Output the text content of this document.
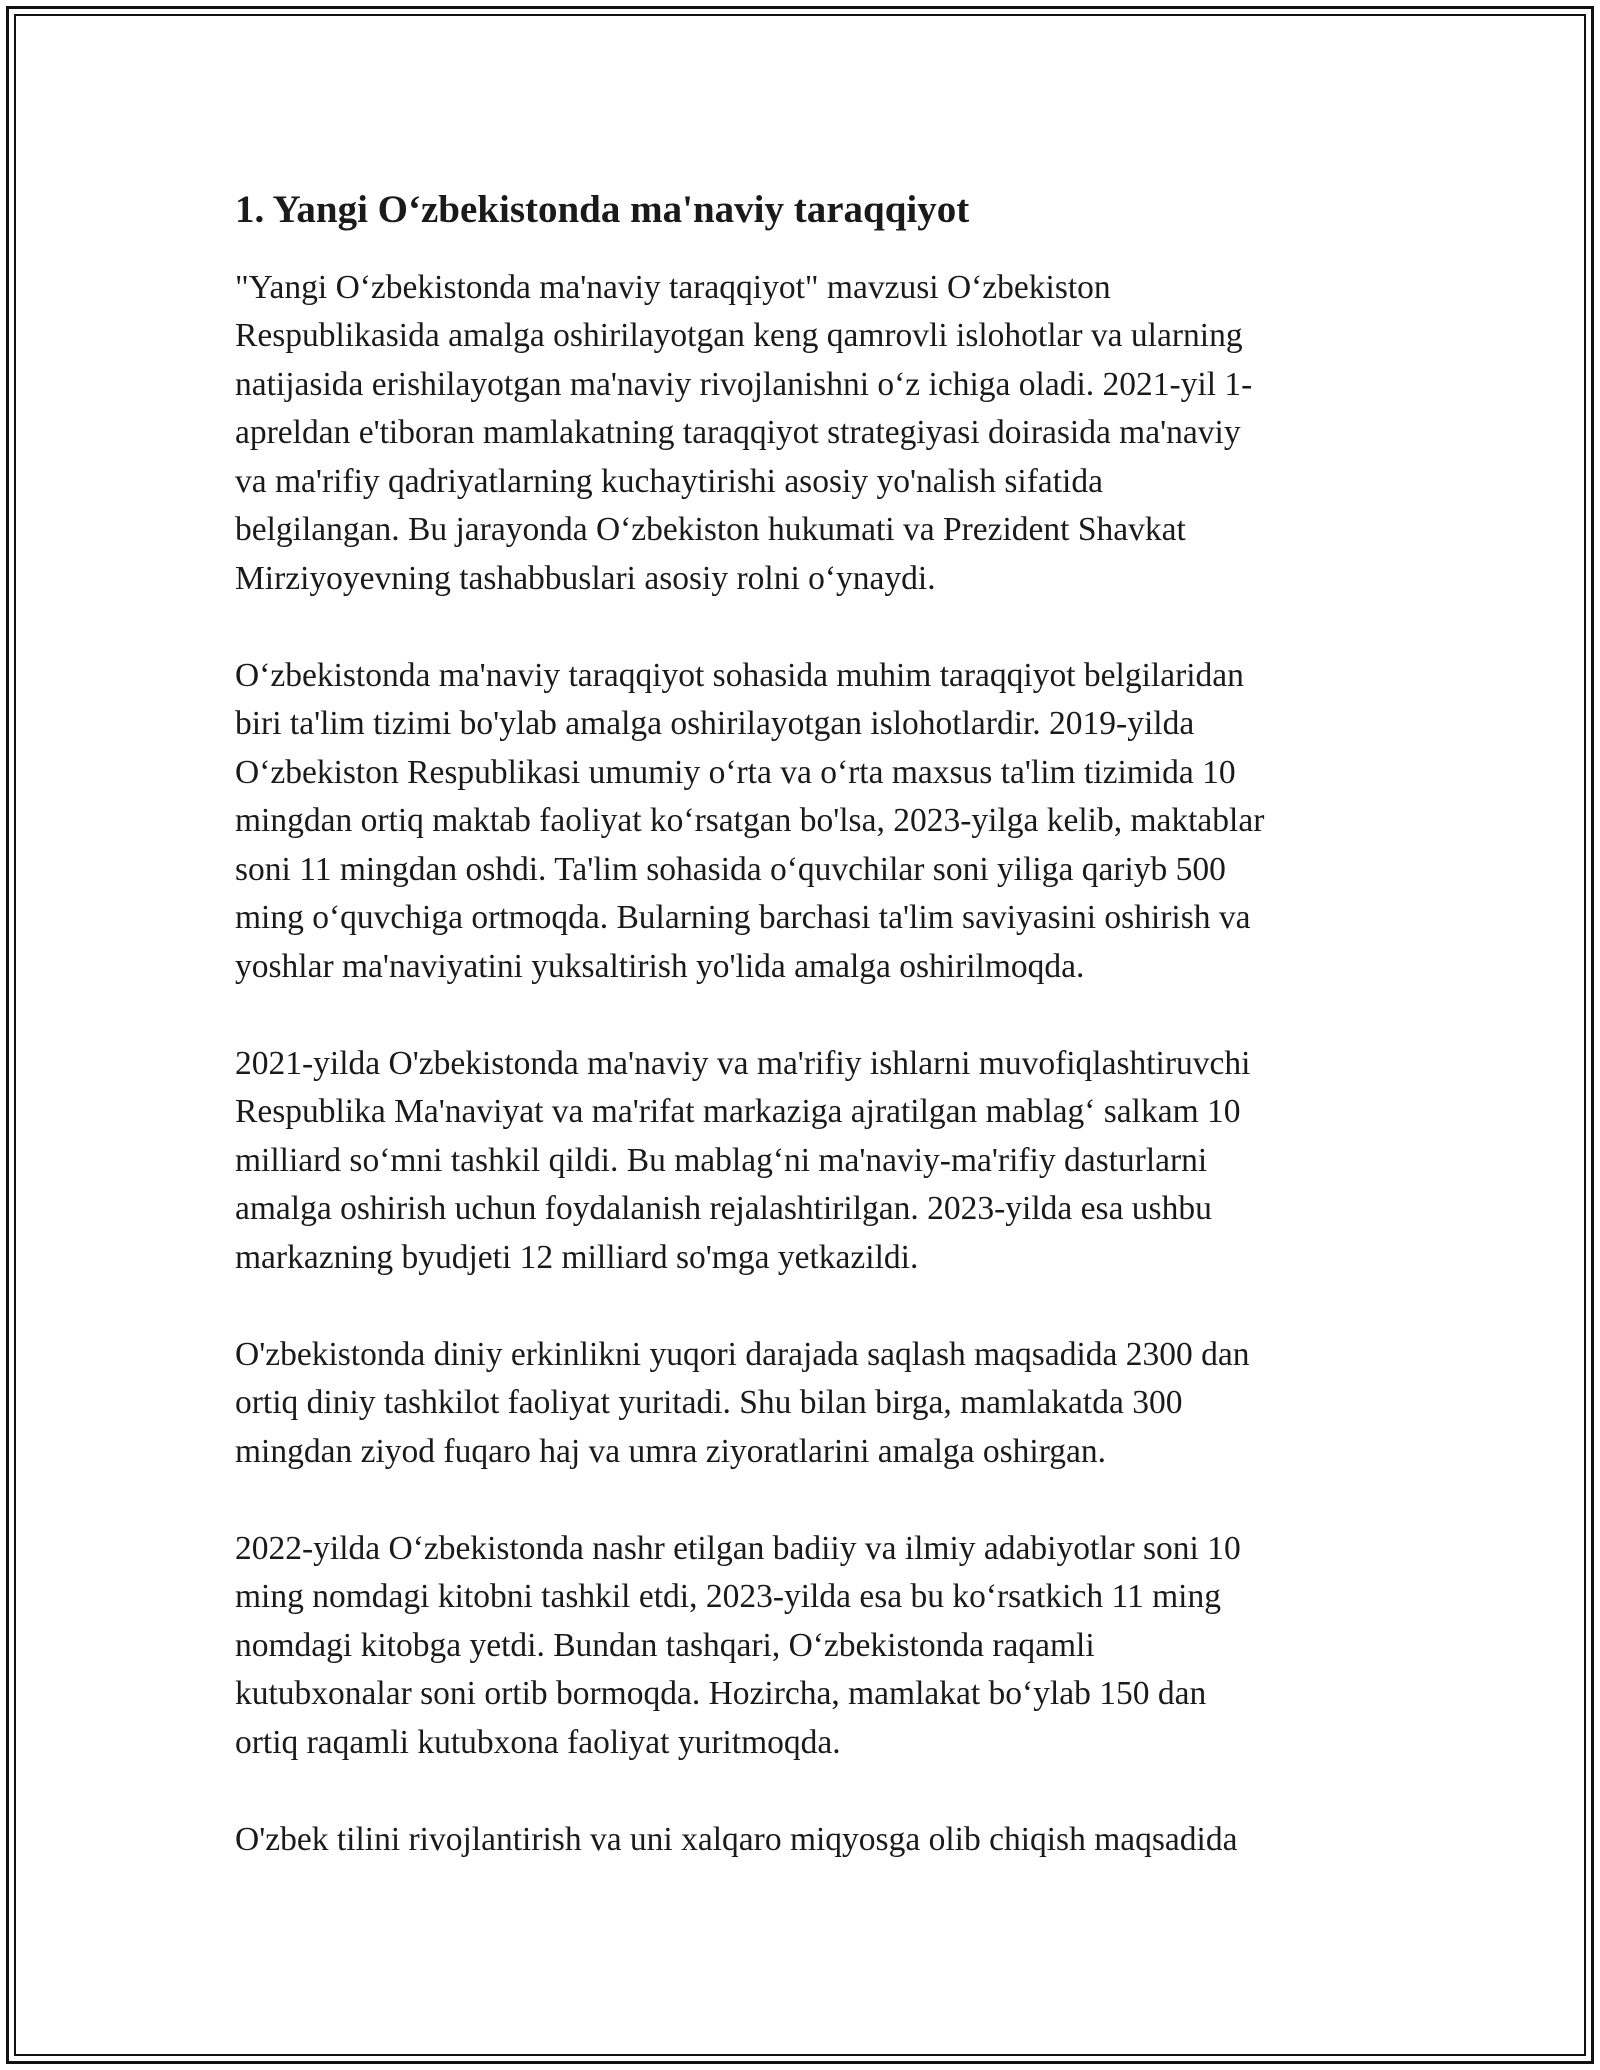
1. Yangi O‘zbekistonda ma'naviy taraqqiyot

"Yangi O‘zbekistonda ma'naviy taraqqiyot" mavzusi O‘zbekiston
Respublikasida amalga oshirilayotgan keng qamrovli islohotlar va ularning
natijasida erishilayotgan ma'naviy rivojlanishni o‘z ichiga oladi. 2021-yil 1-
apreldan e'tiboran mamlakatning taraqqiyot strategiyasi doirasida ma'naviy
va ma'rifiy qadriyatlarning kuchaytirishi asosiy yo'nalish sifatida
belgilangan. Bu jarayonda O‘zbekiston hukumati va Prezident Shavkat
Mirziyoyevning tashabbuslari asosiy rolni o‘ynaydi.

O‘zbekistonda ma'naviy taraqqiyot sohasida muhim taraqqiyot belgilaridan
biri ta'lim tizimi bo'ylab amalga oshirilayotgan islohotlardir. 2019-yilda
O‘zbekiston Respublikasi umumiy o‘rta va o‘rta maxsus ta'lim tizimida 10
mingdan ortiq maktab faoliyat ko‘rsatgan bo'lsa, 2023-yilga kelib, maktablar
soni 11 mingdan oshdi. Ta'lim sohasida o‘quvchilar soni yiliga qariyb 500
ming o‘quvchiga ortmoqda. Bularning barchasi ta'lim saviyasini oshirish va
yoshlar ma'naviyatini yuksaltirish yo'lida amalga oshirilmoqda.

2021-yilda O'zbekistonda ma'naviy va ma'rifiy ishlarni muvofiqlashtiruvchi
Respublika Ma'naviyat va ma'rifat markaziga ajratilgan mablag‘ salkam 10
milliard so‘mni tashkil qildi. Bu mablag‘ni ma'naviy-ma'rifiy dasturlarni
amalga oshirish uchun foydalanish rejalashtirilgan. 2023-yilda esa ushbu
markazning byudjeti 12 milliard so'mga yetkazildi.

O'zbekistonda diniy erkinlikni yuqori darajada saqlash maqsadida 2300 dan
ortiq diniy tashkilot faoliyat yuritadi. Shu bilan birga, mamlakatda 300
mingdan ziyod fuqaro haj va umra ziyoratlarini amalga oshirgan.

2022-yilda O‘zbekistonda nashr etilgan badiiy va ilmiy adabiyotlar soni 10
ming nomdagi kitobni tashkil etdi, 2023-yilda esa bu ko‘rsatkich 11 ming
nomdagi kitobga yetdi. Bundan tashqari, O‘zbekistonda raqamli
kutubxonalar soni ortib bormoqda. Hozircha, mamlakat bo‘ylab 150 dan
ortiq raqamli kutubxona faoliyat yuritmoqda.

O'zbek tilini rivojlantirish va uni xalqaro miqyosga olib chiqish maqsadida
